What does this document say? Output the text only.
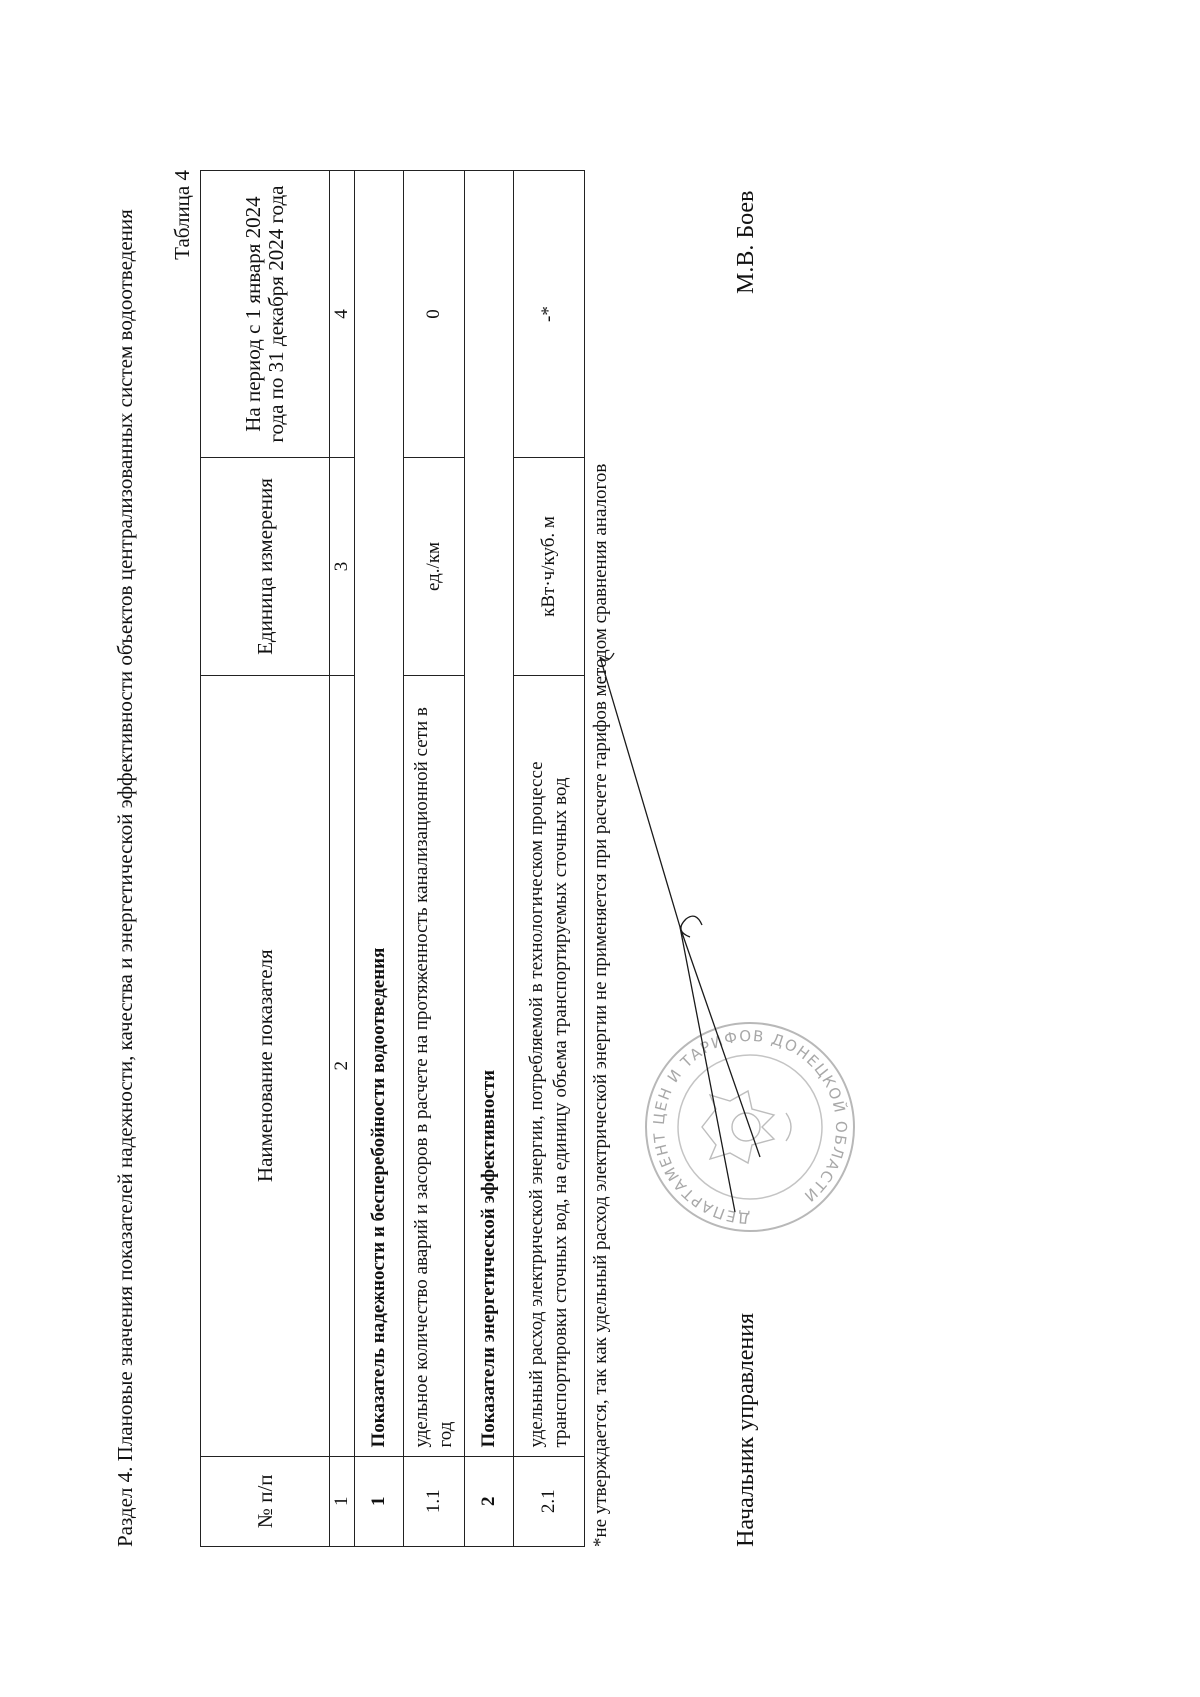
Раздел 4. Плановые значения показателей надежности, качества и энергетической эффективности объектов централизованных систем водоотведения Таблица 4
№ п/п	Наименование показателя	Единица измерения	На период с 1 января 2024 года по 31 декабря 2024 года
1	2	3	4
1	Показатель надежности и бесперебойности водоотведения		
1.1	удельное количество аварий и засоров в расчете на протяженность канализационной сети в год	ед./км	0
2	Показатели энергетической эффективности		
2.1	удельный расход электрической энергии, потребляемой в технологическом процессе транспортировки сточных вод, на единицу объема транспортируемых сточных вод	кВт·ч/куб. м	-*
*не утверждается, так как удельный расход электрической энергии не применяется при расчете тарифов методом сравнения аналогов	ДЕПАРТАМЕНТ ЦЕН И ТАРИФОВ ДОНЕЦКОЙ ОБЛАСТИ
Начальник управления
М.В. Боев
